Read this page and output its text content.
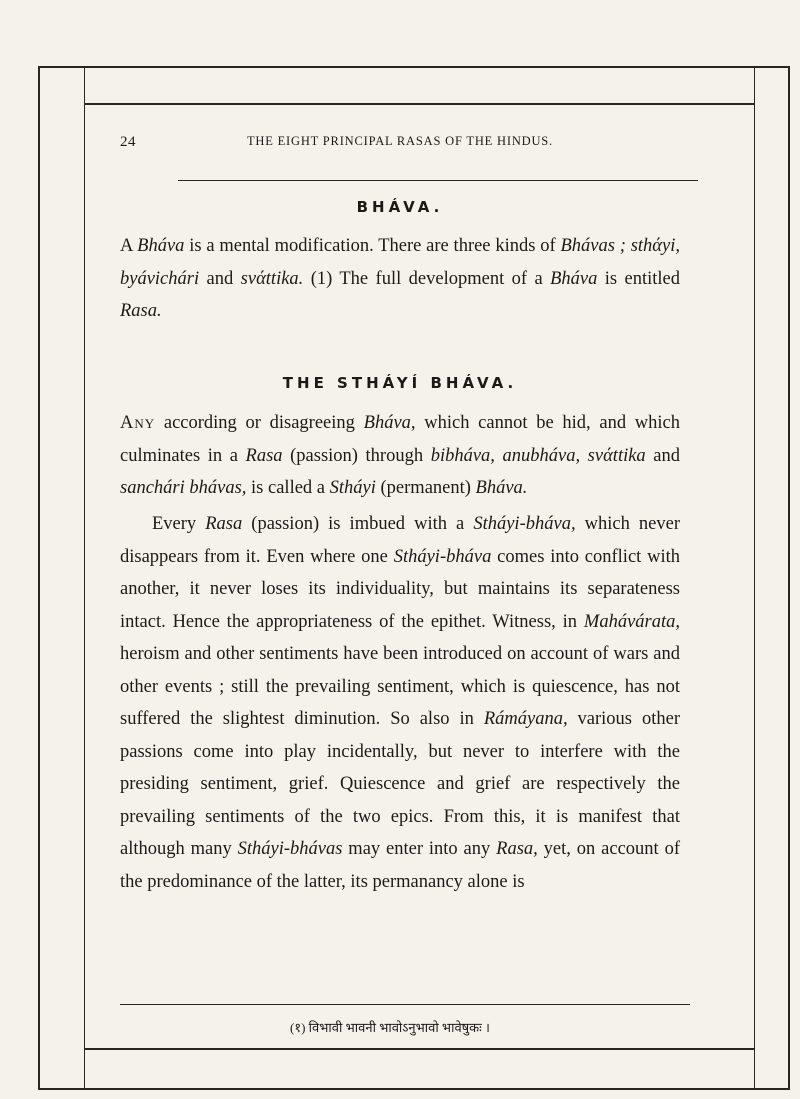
24	THE EIGHT PRINCIPAL RASAS OF THE HINDUS.
BHÁVA.
A Bháva is a mental modification. There are three kinds of Bhávas ; sthάyi, byávichári and svάttika. (1) The full development of a Bháva is entitled Rasa.
THE STHÁYÍ BHÁVA.
Any according or disagreeing Bháva, which cannot be hid, and which culminates in a Rasa (passion) through bibháva, anubháva, svάttika and sanchári bhávas, is called a Stháyi (permanent) Bháva.
Every Rasa (passion) is imbued with a Stháyi-bháva, which never disappears from it. Even where one Stháyi-bháva comes into conflict with another, it never loses its individuality, but maintains its separateness intact. Hence the appropriateness of the epithet. Witness, in Mahávárata, heroism and other sentiments have been introduced on account of wars and other events ; still the prevailing sentiment, which is quiescence, has not suffered the slightest diminution. So also in Rámáyana, various other passions come into play incidentally, but never to interfere with the presiding sentiment, grief. Quiescence and grief are respectively the prevailing sentiments of the two epics. From this, it is manifest that although many Stháyi-bhávas may enter into any Rasa, yet, on account of the predominance of the latter, its permanancy alone is
(१) विभावी भावनी भावोऽनुभावो भावेषुकः ।
